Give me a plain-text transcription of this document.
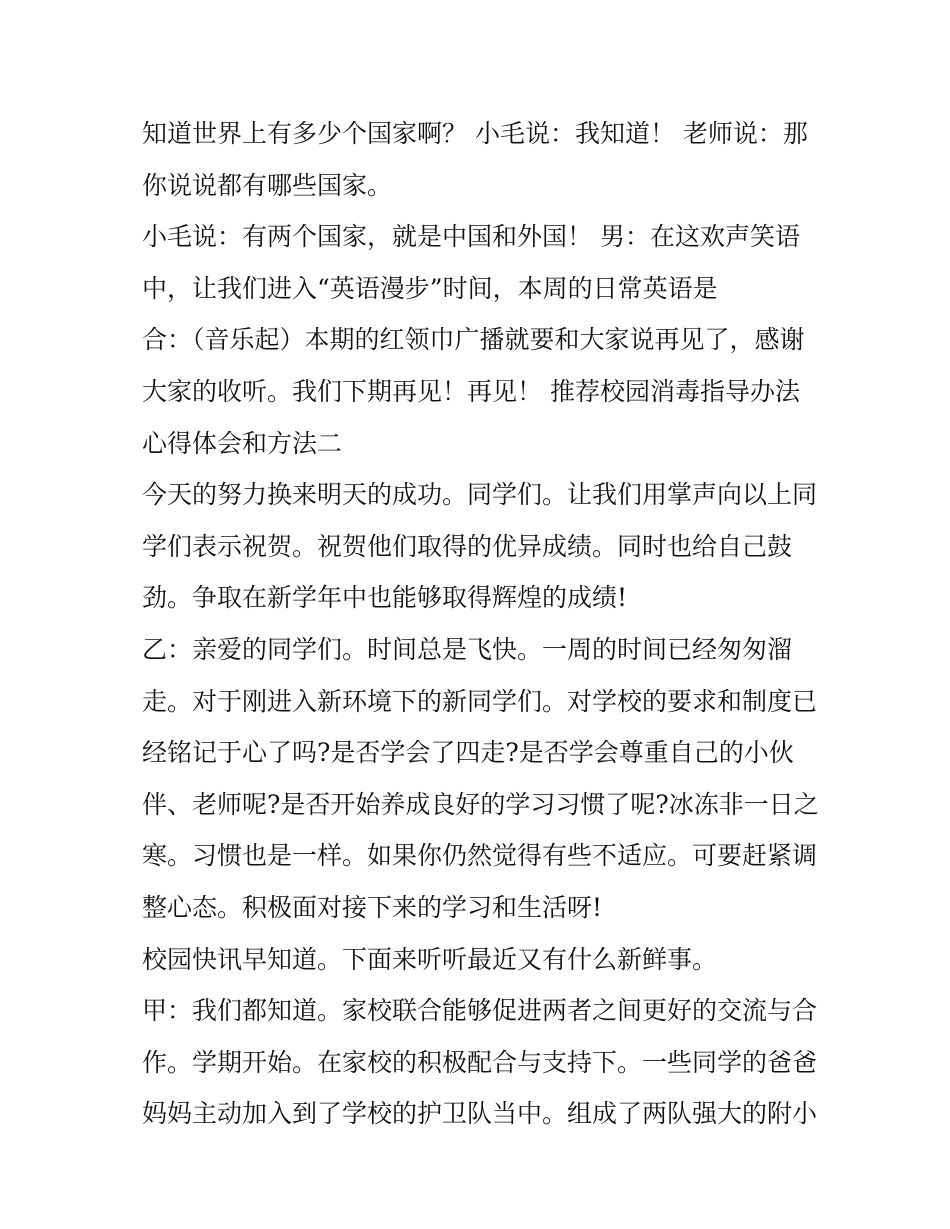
知道世界上有多少个国家啊？ 小毛说：我知道！ 老师说：那
你说说都有哪些国家。
小毛说：有两个国家，就是中国和外国！ 男：在这欢声笑语
中，让我们进入“英语漫步”时间，本周的日常英语是
合：（音乐起）本期的红领巾广播就要和大家说再见了，感谢
大家的收听。我们下期再见！再见！ 推荐校园消毒指导办法
心得体会和方法二
今天的努力换来明天的成功。同学们。让我们用掌声向以上同
学们表示祝贺。祝贺他们取得的优异成绩。同时也给自己鼓
劲。争取在新学年中也能够取得辉煌的成绩!
乙：亲爱的同学们。时间总是飞快。一周的时间已经匆匆溜
走。对于刚进入新环境下的新同学们。对学校的要求和制度已
经铭记于心了吗?是否学会了四走?是否学会尊重自己的小伙
伴、老师呢?是否开始养成良好的学习习惯了呢?冰冻非一日之
寒。习惯也是一样。如果你仍然觉得有些不适应。可要赶紧调
整心态。积极面对接下来的学习和生活呀!
校园快讯早知道。下面来听听最近又有什么新鲜事。
甲：我们都知道。家校联合能够促进两者之间更好的交流与合
作。学期开始。在家校的积极配合与支持下。一些同学的爸爸
妈妈主动加入到了学校的护卫队当中。组成了两队强大的附小
